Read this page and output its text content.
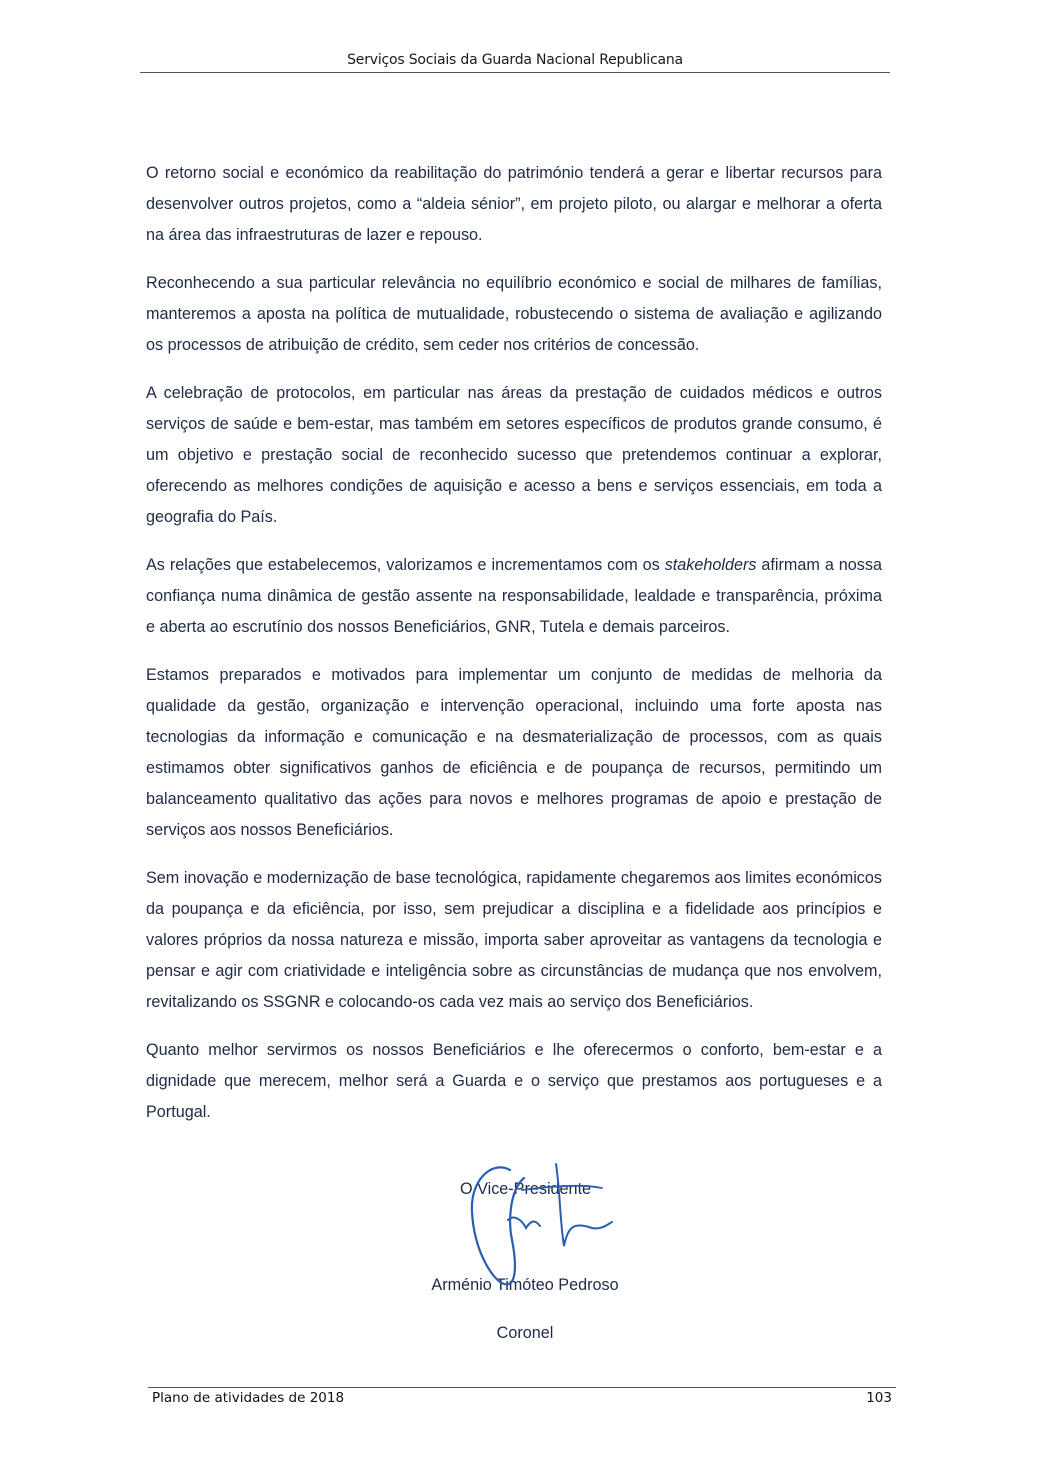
Serviços Sociais da Guarda Nacional Republicana

O retorno social e económico da reabilitação do património tenderá a gerar e libertar recursos para desenvolver outros projetos, como a “aldeia sénior”, em projeto piloto, ou alargar e melhorar a oferta na área das infraestruturas de lazer e repouso.

Reconhecendo a sua particular relevância no equilíbrio económico e social de milhares de famílias, manteremos a aposta na política de mutualidade, robustecendo o sistema de avaliação e agilizando os processos de atribuição de crédito, sem ceder nos critérios de concessão.

A celebração de protocolos, em particular nas áreas da prestação de cuidados médicos e outros serviços de saúde e bem-estar, mas também em setores específicos de produtos grande consumo, é um objetivo e prestação social de reconhecido sucesso que pretendemos continuar a explorar, oferecendo as melhores condições de aquisição e acesso a bens e serviços essenciais, em toda a geografia do País.

As relações que estabelecemos, valorizamos e incrementamos com os stakeholders afirmam a nossa confiança numa dinâmica de gestão assente na responsabilidade, lealdade e transparência, próxima e aberta ao escrutínio dos nossos Beneficiários, GNR, Tutela e demais parceiros.

Estamos preparados e motivados para implementar um conjunto de medidas de melhoria da qualidade da gestão, organização e intervenção operacional, incluindo uma forte aposta nas tecnologias da informação e comunicação e na desmaterialização de processos, com as quais estimamos obter significativos ganhos de eficiência e de poupança de recursos, permitindo um balanceamento qualitativo das ações para novos e melhores programas de apoio e prestação de serviços aos nossos Beneficiários.

Sem inovação e modernização de base tecnológica, rapidamente chegaremos aos limites económicos da poupança e da eficiência, por isso, sem prejudicar a disciplina e a fidelidade aos princípios e valores próprios da nossa natureza e missão, importa saber aproveitar as vantagens da tecnologia e pensar e agir com criatividade e inteligência sobre as circunstâncias de mudança que nos envolvem, revitalizando os SSGNR e colocando-os cada vez mais ao serviço dos Beneficiários.

Quanto melhor servirmos os nossos Beneficiários e lhe oferecermos o conforto, bem-estar e a dignidade que merecem, melhor será a Guarda e o serviço que prestamos aos portugueses e a Portugal.

O Vice-Presidente
Arménio Timóteo Pedroso
Coronel
Plano de atividades de 2018	103
